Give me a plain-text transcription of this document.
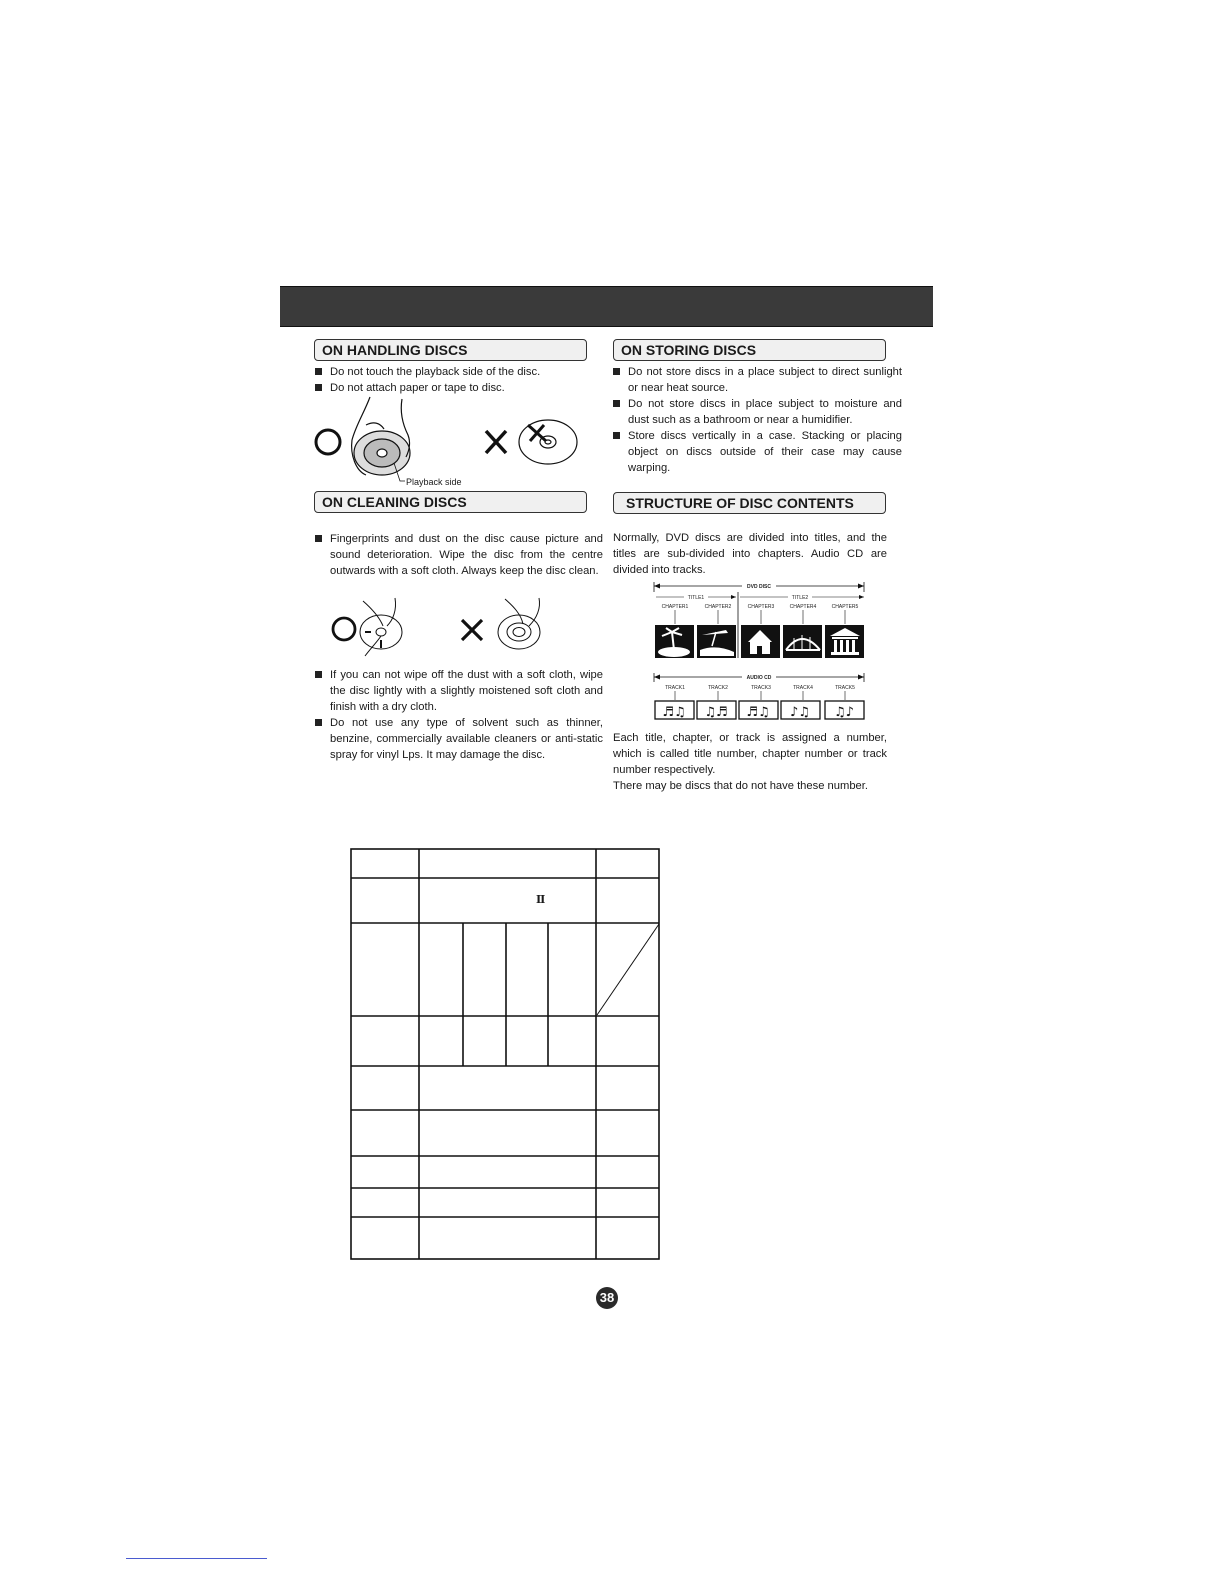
ON HANDLING DISCS
Do not touch the playback side of the disc.
Do not attach paper or tape to disc.
Playback side
ON STORING DISCS
Do not store discs in a place subject to direct sunlight or near heat source.
Do not store discs in place subject to moisture and dust such as a bathroom or near a humidifier.
Store discs vertically in a case. Stacking or placing object on discs outside of their case may cause warping.
ON CLEANING DISCS
Fingerprints and dust on the disc cause picture and sound deterioration. Wipe the disc from the centre outwards with a soft cloth. Always keep the disc clean.
If you can not wipe off the dust with a soft cloth, wipe the disc lightly with a slightly moistened soft cloth and finish with a dry cloth.
Do not use any type of solvent such as thinner, benzine, commercially available cleaners or anti-static spray for vinyl Lps. It may damage the disc.
STRUCTURE OF DISC CONTENTS
Normally, DVD discs are divided into titles, and the titles are sub-divided into chapters. Audio CD are divided into tracks.
DVD DISC
TITLE1	TITLE2
CHAPTER1	CHAPTER2	CHAPTER3	CHAPTER4	CHAPTER5
AUDIO CD
TRACK1	TRACK2	TRACK3	TRACK4	TRACK5
♬♫ ♫♬ ♬♫ ♪♫ ♫♪
Each title, chapter, or track is assigned a number, which is called title number, chapter number or track number respectively.
There may be discs that do not have these number.
Ⅱ
38
